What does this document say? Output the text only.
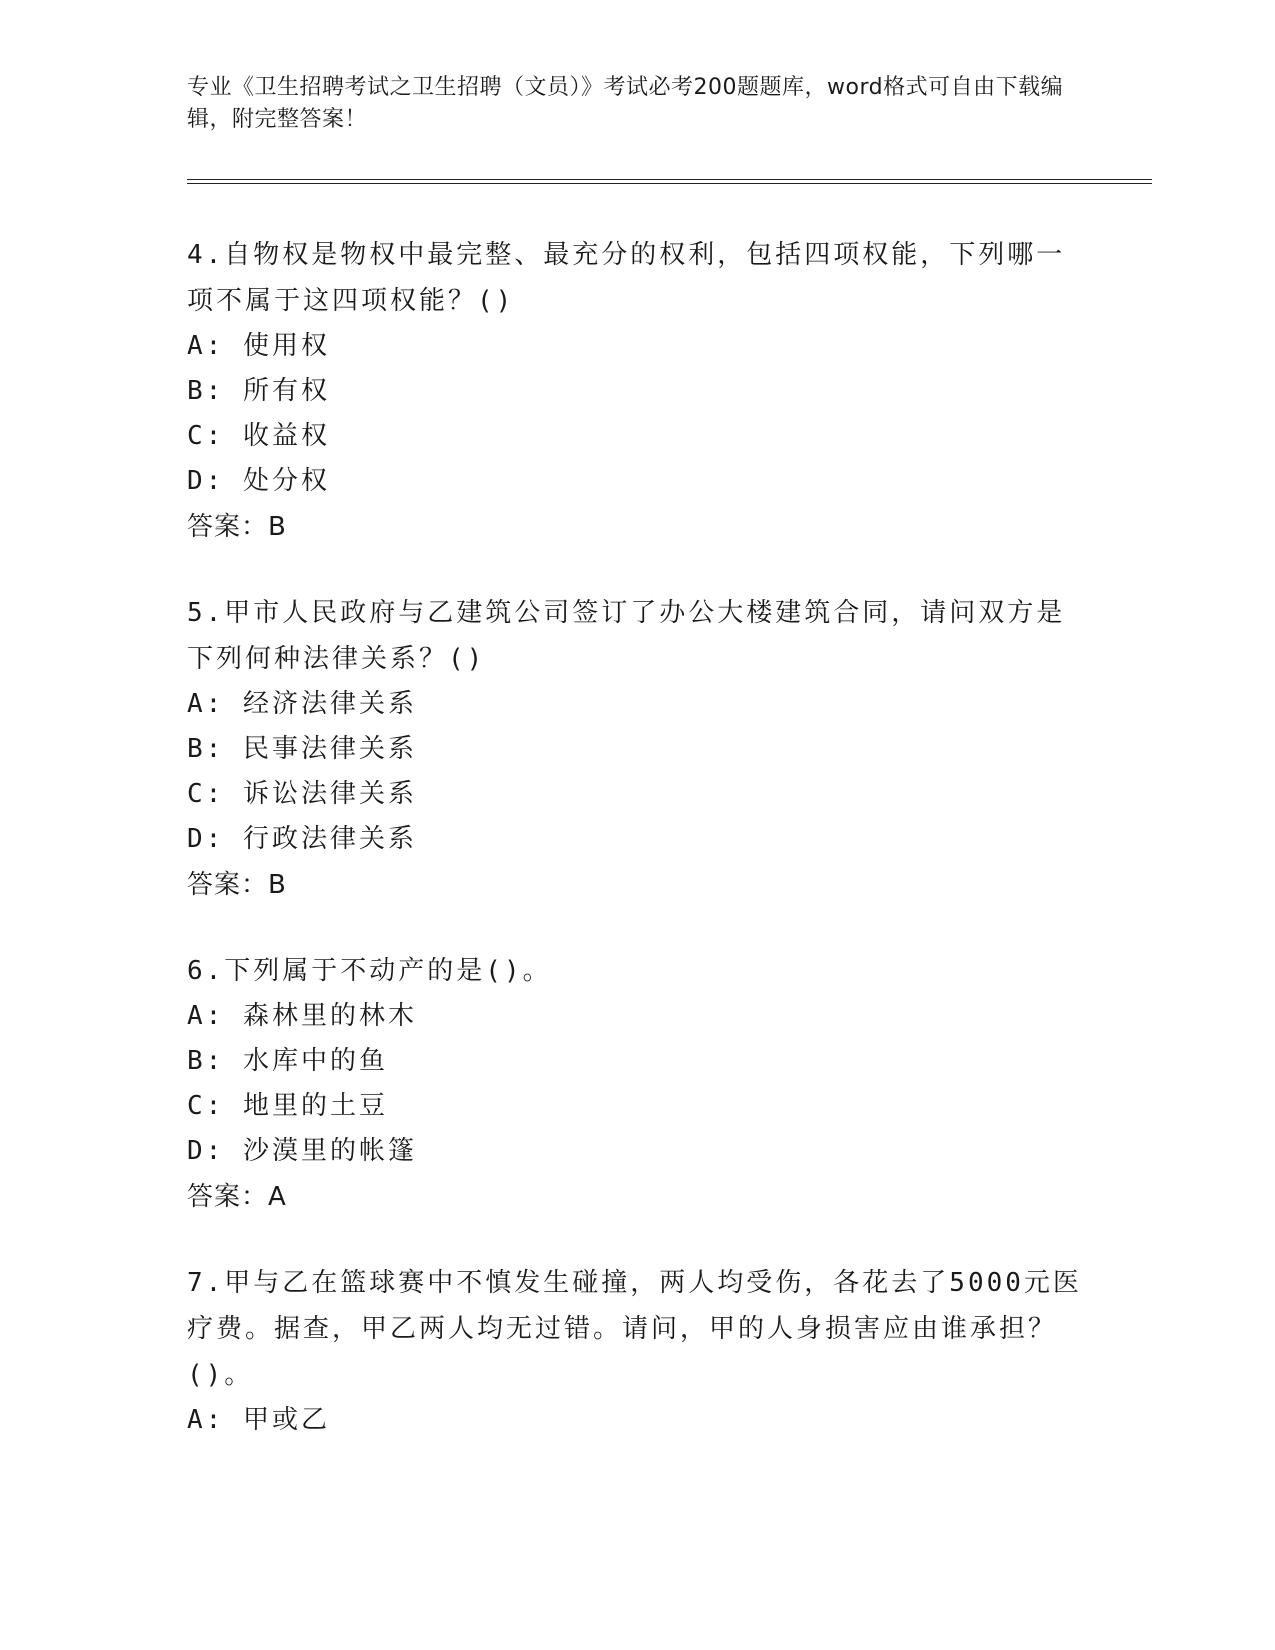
专业《卫生招聘考试之卫生招聘（文员）》考试必考200题题库，word格式可自由下载编辑，附完整答案！
4.自物权是物权中最完整、最充分的权利，包括四项权能，下列哪一项不属于这四项权能？()
A: 使用权
B: 所有权
C: 收益权
D: 处分权
答案：B
5.甲市人民政府与乙建筑公司签订了办公大楼建筑合同，请问双方是下列何种法律关系？()
A: 经济法律关系
B: 民事法律关系
C: 诉讼法律关系
D: 行政法律关系
答案：B
6.下列属于不动产的是()。
A: 森林里的林木
B: 水库中的鱼
C: 地里的土豆
D: 沙漠里的帐篷
答案：A
7.甲与乙在篮球赛中不慎发生碰撞，两人均受伤，各花去了5000元医疗费。据查，甲乙两人均无过错。请问，甲的人身损害应由谁承担？()。
A: 甲或乙
